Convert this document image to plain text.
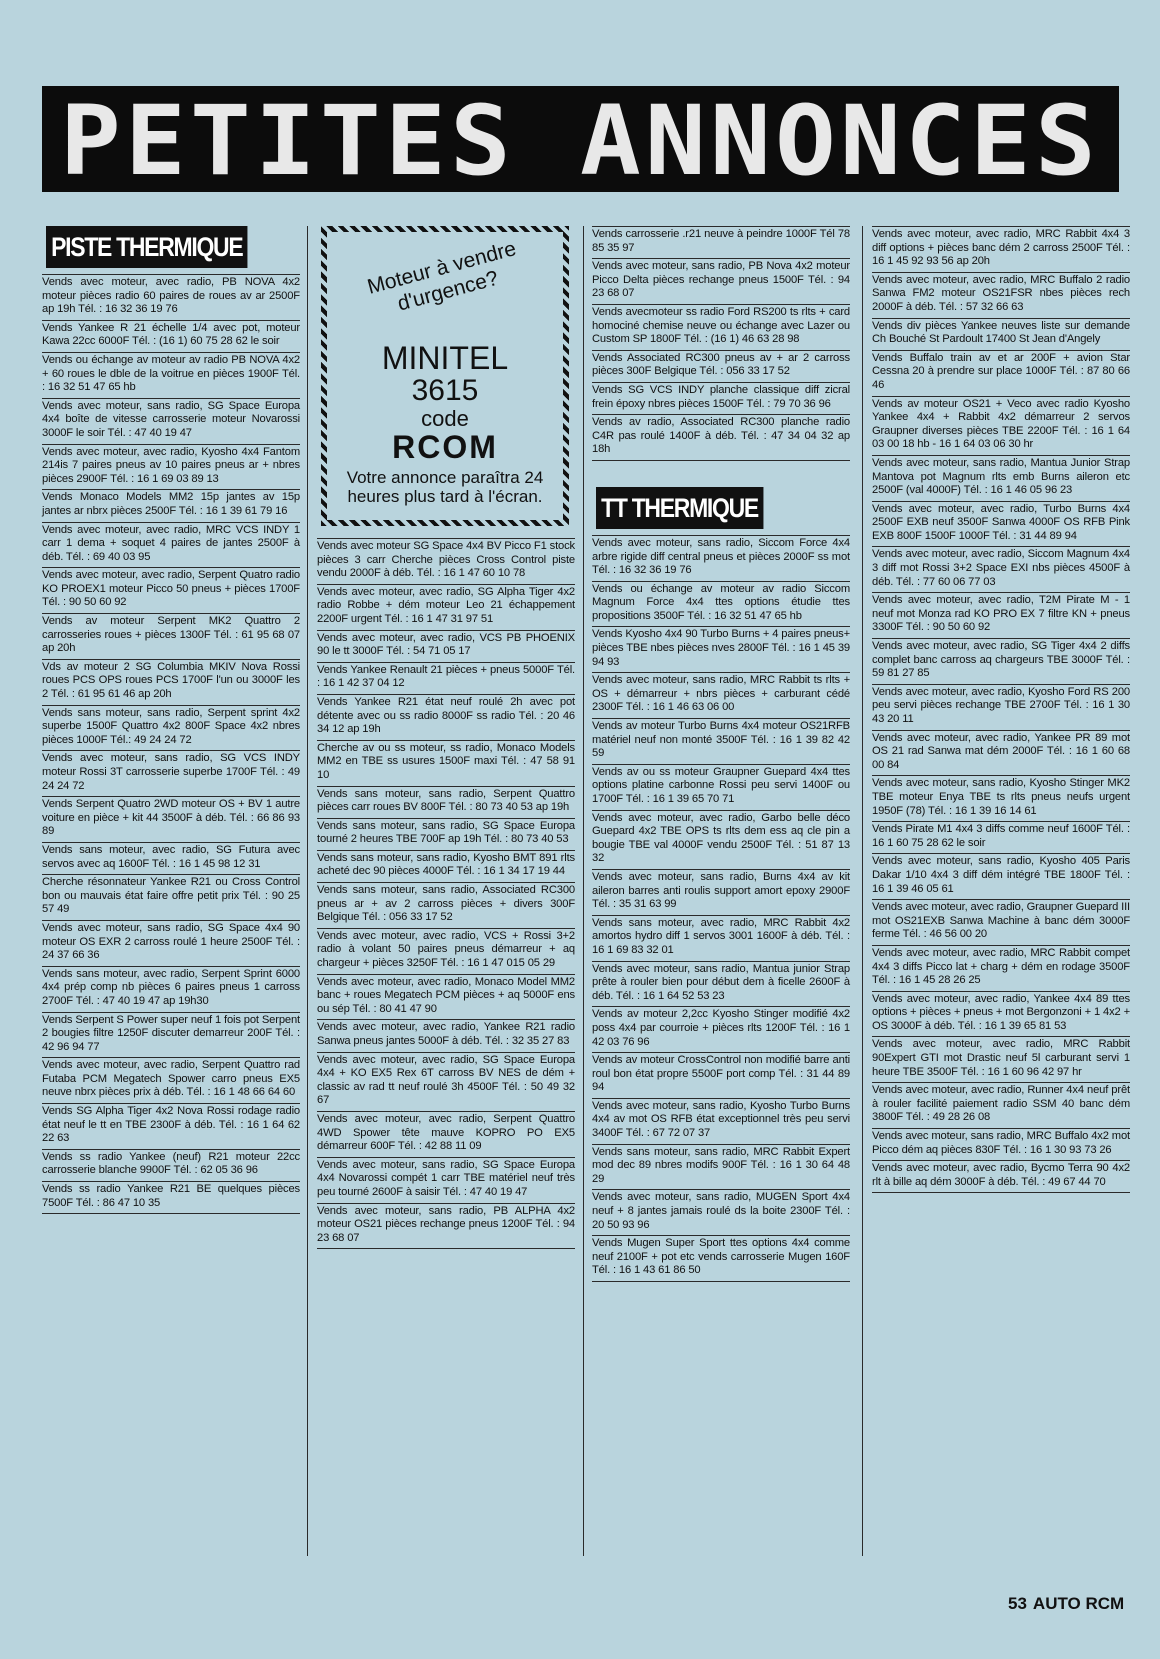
PETITES ANNONCES
PISTE THERMIQUE
Vends avec moteur, avec radio, PB NOVA 4x2 moteur pièces radio 60 paires de roues av ar 2500F ap 19h Tél. : 16 32 36 19 76
Vends Yankee R 21 échelle 1/4 avec pot, moteur Kawa 22cc 6000F Tél. : (16 1) 60 75 28 62 le soir
Vends ou échange av moteur av radio PB NOVA 4x2 + 60 roues le dble de la voitrue en pièces 1900F Tél. : 16 32 51 47 65 hb
Vends avec moteur, sans radio, SG Space Europa 4x4 boîte de vitesse carrosserie moteur Novarossi 3000F le soir Tél. : 47 40 19 47
Vends avec moteur, avec radio, Kyosho 4x4 Fantom 214is 7 paires pneus av 10 paires pneus ar + nbres pièces 2900F Tél. : 16 1 69 03 89 13
Vends Monaco Models MM2 15p jantes av 15p jantes ar nbrx pièces 2500F Tél. : 16 1 39 61 79 16
Vends avec moteur, avec radio, MRC VCS INDY 1 carr 1 dema + soquet 4 paires de jantes 2500F à déb. Tél. : 69 40 03 95
Vends avec moteur, avec radio, Serpent Quatro radio KO PROEX1 moteur Picco 50 pneus + pièces 1700F Tél. : 90 50 60 92
Vends av moteur Serpent MK2 Quattro 2 carrosseries roues + pièces 1300F Tél. : 61 95 68 07 ap 20h
Vds av moteur 2 SG Columbia MKIV Nova Rossi roues PCS OPS roues PCS 1700F l'un ou 3000F les 2 Tél. : 61 95 61 46 ap 20h
Vends sans moteur, sans radio, Serpent sprint 4x2 superbe 1500F Quattro 4x2 800F Space 4x2 nbres pièces 1000F Tél.: 49 24 24 72
Vends avec moteur, sans radio, SG VCS INDY moteur Rossi 3T carrosserie superbe 1700F Tél. : 49 24 24 72
Vends Serpent Quatro 2WD moteur OS + BV 1 autre voiture en pièce + kit 44 3500F à déb. Tél. : 66 86 93 89
Vends sans moteur, avec radio, SG Futura avec servos avec aq 1600F Tél. : 16 1 45 98 12 31
Cherche résonnateur Yankee R21 ou Cross Control bon ou mauvais état faire offre petit prix Tél. : 90 25 57 49
Vends avec moteur, sans radio, SG Space 4x4 90 moteur OS EXR 2 carross roulé 1 heure 2500F Tél. : 24 37 66 36
Vends sans moteur, avec radio, Serpent Sprint 6000 4x4 prép comp nb pièces 6 paires pneus 1 carross 2700F Tél. : 47 40 19 47 ap 19h30
Vends Serpent S Power super neuf 1 fois pot Serpent 2 bougies filtre 1250F discuter demarreur 200F Tél. : 42 96 94 77
Vends avec moteur, avec radio, Serpent Quattro rad Futaba PCM Megatech Spower carro pneus EX5 neuve nbrx pièces prix à déb. Tél. : 16 1 48 66 64 60
Vends SG Alpha Tiger 4x2 Nova Rossi rodage radio état neuf le tt en TBE 2300F à déb. Tél. : 16 1 64 62 22 63
Vends ss radio Yankee (neuf) R21 moteur 22cc carrosserie blanche 9900F Tél. : 62 05 36 96
Vends ss radio Yankee R21 BE quelques pièces 7500F Tél. : 86 47 10 35
Moteur à vendre d'urgence?
MINITEL
3615
code
RCOM
Votre annonce paraîtra 24 heures plus tard à l'écran.
Vends avec moteur SG Space 4x4 BV Picco F1 stock pièces 3 carr Cherche pièces Cross Control piste vendu 2000F à déb. Tél. : 16 1 47 60 10 78
Vends avec moteur, avec radio, SG Alpha Tiger 4x2 radio Robbe + dém moteur Leo 21 échappement 2200F urgent Tél. : 16 1 47 31 97 51
Vends avec moteur, avec radio, VCS PB PHOENIX 90 le tt 3000F Tél. : 54 71 05 17
Vends Yankee Renault 21 pièces + pneus 5000F Tél. : 16 1 42 37 04 12
Vends Yankee R21 état neuf roulé 2h avec pot détente avec ou ss radio 8000F ss radio Tél. : 20 46 34 12 ap 19h
Cherche av ou ss moteur, ss radio, Monaco Models MM2 en TBE ss usures 1500F maxi Tél. : 47 58 91 10
Vends sans moteur, sans radio, Serpent Quattro pièces carr roues BV 800F Tél. : 80 73 40 53 ap 19h
Vends sans moteur, sans radio, SG Space Europa tourné 2 heures TBE 700F ap 19h Tél. : 80 73 40 53
Vends sans moteur, sans radio, Kyosho BMT 891 rlts acheté dec 90 pièces 4000F Tél. : 16 1 34 17 19 44
Vends sans moteur, sans radio, Associated RC300 pneus ar + av 2 carross pièces + divers 300F Belgique Tél. : 056 33 17 52
Vends avec moteur, avec radio, VCS + Rossi 3+2 radio à volant 50 paires pneus démarreur + aq chargeur + pièces 3250F Tél. : 16 1 47 015 05 29
Vends avec moteur, avec radio, Monaco Model MM2 banc + roues Megatech PCM pièces + aq 5000F ens ou sép Tél. : 80 41 47 90
Vends avec moteur, avec radio, Yankee R21 radio Sanwa pneus jantes 5000F à déb. Tél. : 32 35 27 83
Vends avec moteur, avec radio, SG Space Europa 4x4 + KO EX5 Rex 6T carross BV NES de dém + classic av rad tt neuf roulé 3h 4500F Tél. : 50 49 32 67
Vends avec moteur, avec radio, Serpent Quattro 4WD Spower tête mauve KOPRO PO EX5 démarreur 600F Tél. : 42 88 11 09
Vends avec moteur, sans radio, SG Space Europa 4x4 Novarossi compét 1 carr TBE matériel neuf très peu tourné 2600F à saisir Tél. : 47 40 19 47
Vends avec moteur, sans radio, PB ALPHA 4x2 moteur OS21 pièces rechange pneus 1200F Tél. : 94 23 68 07
Vends carrosserie .r21 neuve à peindre 1000F Tél 78 85 35 97
Vends avec moteur, sans radio, PB Nova 4x2 moteur Picco Delta pièces rechange pneus 1500F Tél. : 94 23 68 07
Vends avecmoteur ss radio Ford RS200 ts rlts + card homociné chemise neuve ou échange avec Lazer ou Custom SP 1800F Tél. : (16 1) 46 63 28 98
Vends Associated RC300 pneus av + ar 2 carross pièces 300F Belgique Tél. : 056 33 17 52
Vends SG VCS INDY planche classique diff zicral frein époxy nbres pièces 1500F Tél. : 79 70 36 96
Vends av radio, Associated RC300 planche radio C4R pas roulé 1400F à déb. Tél. : 47 34 04 32 ap 18h
TT THERMIQUE
Vends avec moteur, sans radio, Siccom Force 4x4 arbre rigide diff central pneus et pièces 2000F ss mot Tél. : 16 32 36 19 76
Vends ou échange av moteur av radio Siccom Magnum Force 4x4 ttes options étudie ttes propositions 3500F Tél. : 16 32 51 47 65 hb
Vends Kyosho 4x4 90 Turbo Burns + 4 paires pneus+ pièces TBE nbes pièces nves 2800F Tél. : 16 1 45 39 94 93
Vends avec moteur, sans radio, MRC Rabbit ts rlts + OS + démarreur + nbrs pièces + carburant cédé 2300F Tél. : 16 1 46 63 06 00
Vends av moteur Turbo Burns 4x4 moteur OS21RFB matériel neuf non monté 3500F Tél. : 16 1 39 82 42 59
Vends av ou ss moteur Graupner Guepard 4x4 ttes options platine carbonne Rossi peu servi 1400F ou 1700F Tél. : 16 1 39 65 70 71
Vends avec moteur, avec radio, Garbo belle déco Guepard 4x2 TBE OPS ts rlts dem ess aq cle pin a bougie TBE val 4000F vendu 2500F Tél. : 51 87 13 32
Vends avec moteur, sans radio, Burns 4x4 av kit aileron barres anti roulis support amort epoxy 2900F Tél. : 35 31 63 99
Vends sans moteur, avec radio, MRC Rabbit 4x2 amortos hydro diff 1 servos 3001 1600F à déb. Tél. : 16 1 69 83 32 01
Vends avec moteur, sans radio, Mantua junior Strap prête à rouler bien pour début dem à ficelle 2600F à déb. Tél. : 16 1 64 52 53 23
Vends av moteur 2,2cc Kyosho Stinger modifié 4x2 poss 4x4 par courroie + pièces rlts 1200F Tél. : 16 1 42 03 76 96
Vends av moteur CrossControl non modifié barre anti roul bon état propre 5500F port comp Tél. : 31 44 89 94
Vends avec moteur, sans radio, Kyosho Turbo Burns 4x4 av mot OS RFB état exceptionnel très peu servi 3400F Tél. : 67 72 07 37
Vends sans moteur, sans radio, MRC Rabbit Expert mod dec 89 nbres modifs 900F Tél. : 16 1 30 64 48 29
Vends avec moteur, sans radio, MUGEN Sport 4x4 neuf + 8 jantes jamais roulé ds la boite 2300F Tél. : 20 50 93 96
Vends Mugen Super Sport ttes options 4x4 comme neuf 2100F + pot etc vends carrosserie Mugen 160F Tél. : 16 1 43 61 86 50
Vends avec moteur, avec radio, MRC Rabbit 4x4 3 diff options + pièces banc dém 2 carross 2500F Tél. : 16 1 45 92 93 56 ap 20h
Vends avec moteur, avec radio, MRC Buffalo 2 radio Sanwa FM2 moteur OS21FSR nbes pièces rech 2000F à déb. Tél. : 57 32 66 63
Vends div pièces Yankee neuves liste sur demande Ch Bouché St Pardoult 17400 St Jean d'Angely
Vends Buffalo train av et ar 200F + avion Star Cessna 20 à prendre sur place 1000F Tél. : 87 80 66 46
Vends av moteur OS21 + Veco avec radio Kyosho Yankee 4x4 + Rabbit 4x2 démarreur 2 servos Graupner diverses pièces TBE 2200F Tél. : 16 1 64 03 00 18 hb - 16 1 64 03 06 30 hr
Vends avec moteur, sans radio, Mantua Junior Strap Mantova pot Magnum rlts emb Burns aileron etc 2500F (val 4000F) Tél. : 16 1 46 05 96 23
Vends avec moteur, avec radio, Turbo Burns 4x4 2500F EXB neuf 3500F Sanwa 4000F OS RFB Pink EXB 800F 1500F 1000F Tél. : 31 44 89 94
Vends avec moteur, avec radio, Siccom Magnum 4x4 3 diff mot Rossi 3+2 Space EXI nbs pièces 4500F à déb. Tél. : 77 60 06 77 03
Vends avec moteur, avec radio, T2M Pirate M - 1 neuf mot Monza rad KO PRO EX 7 filtre KN + pneus 3300F Tél. : 90 50 60 92
Vends avec moteur, avec radio, SG Tiger 4x4 2 diffs complet banc carross aq chargeurs TBE 3000F Tél. : 59 81 27 85
Vends avec moteur, avec radio, Kyosho Ford RS 200 peu servi pièces rechange TBE 2700F Tél. : 16 1 30 43 20 11
Vends avec moteur, avec radio, Yankee PR 89 mot OS 21 rad Sanwa mat dém 2000F Tél. : 16 1 60 68 00 84
Vends avec moteur, sans radio, Kyosho Stinger MK2 TBE moteur Enya TBE ts rlts pneus neufs urgent 1950F (78) Tél. : 16 1 39 16 14 61
Vends Pirate M1 4x4 3 diffs comme neuf 1600F Tél. : 16 1 60 75 28 62 le soir
Vends avec moteur, sans radio, Kyosho 405 Paris Dakar 1/10 4x4 3 diff dém intégré TBE 1800F Tél. : 16 1 39 46 05 61
Vends avec moteur, avec radio, Graupner Guepard III mot OS21EXB Sanwa Machine à banc dém 3000F ferme Tél. : 46 56 00 20
Vends avec moteur, avec radio, MRC Rabbit compet 4x4 3 diffs Picco lat + charg + dém en rodage 3500F Tél. : 16 1 45 28 26 25
Vends avec moteur, avec radio, Yankee 4x4 89 ttes options + pièces + pneus + mot Bergonzoni + 1 4x2 + OS 3000F à déb. Tél. : 16 1 39 65 81 53
Vends avec moteur, avec radio, MRC Rabbit 90Expert GTI mot Drastic neuf 5l carburant servi 1 heure TBE 3500F Tél. : 16 1 60 96 42 97 hr
Vends avec moteur, avec radio, Runner 4x4 neuf prêt à rouler facilité paiement radio SSM 40 banc dém 3800F Tél. : 49 28 26 08
Vends avec moteur, sans radio, MRC Buffalo 4x2 mot Picco dém aq pièces 830F Tél. : 16 1 30 93 73 26
Vends avec moteur, avec radio, Bycmo Terra 90 4x2 rlt à bille aq dém 3000F à déb. Tél. : 49 67 44 70
53 AUTO RCM
